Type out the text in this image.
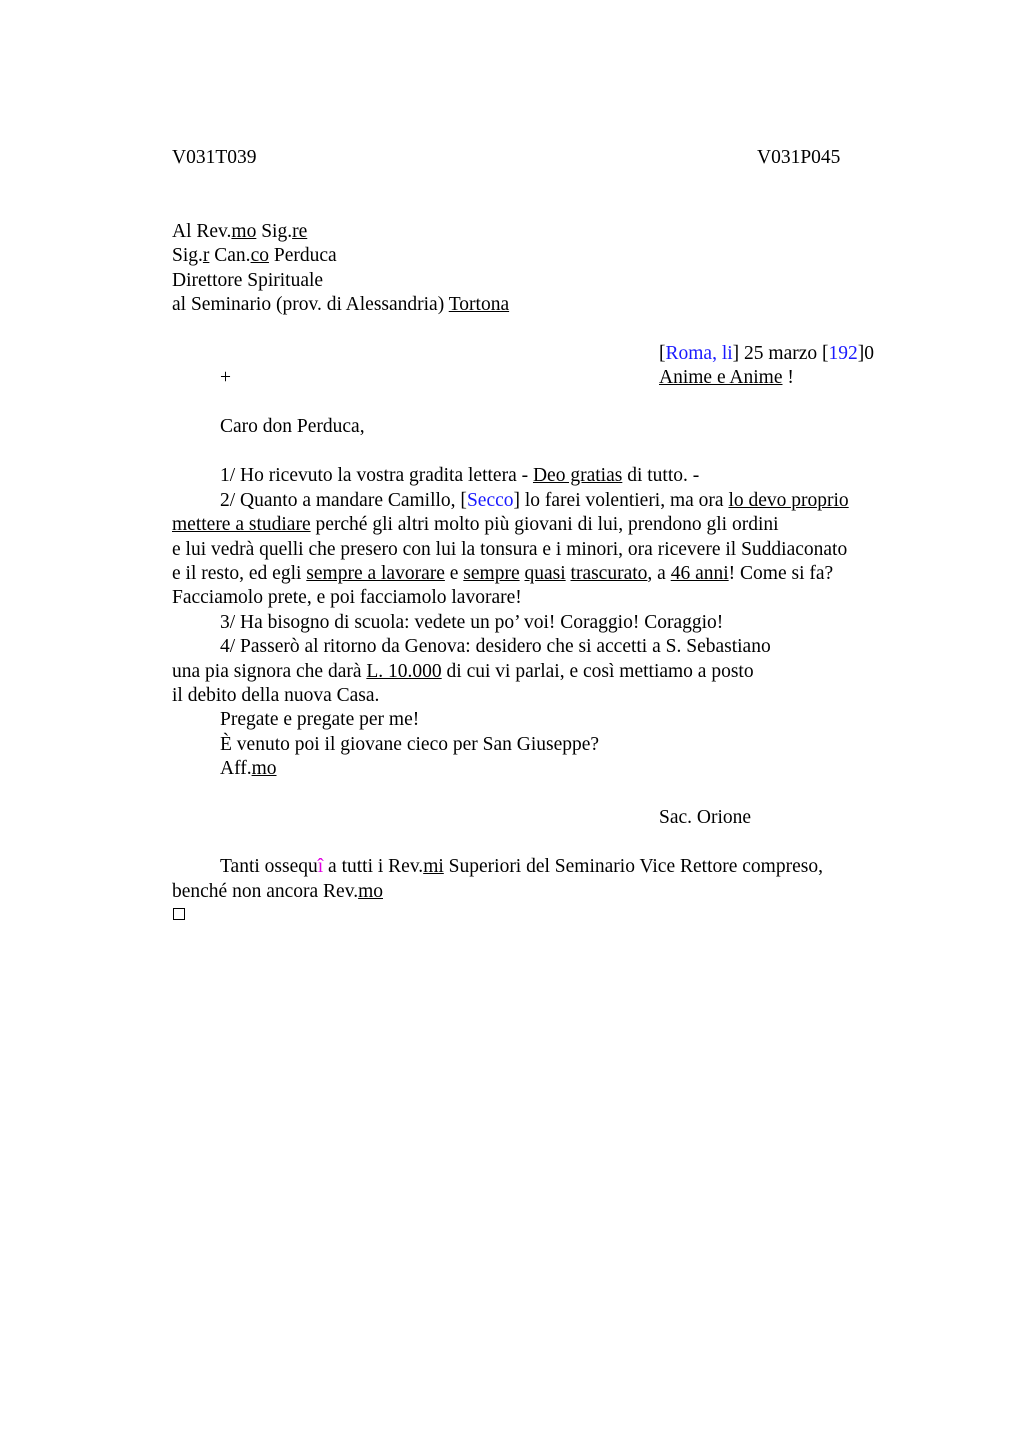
V031T039	V031P045
Al Rev.mo Sig.re
Sig.r Can.co Perduca
Direttore Spirituale
al Seminario (prov. di Alessandria) Tortona
[Roma, li] 25 marzo [192]0
+	Anime e Anime !
Caro don Perduca,
1/ Ho ricevuto la vostra gradita lettera - Deo gratias di tutto. -
2/ Quanto a mandare Camillo, [Secco] lo farei volentieri, ma ora lo devo proprio
mettere a studiare perché gli altri molto più giovani di lui, prendono gli ordini
e lui vedrà quelli che presero con lui la tonsura e i minori, ora ricevere il Suddiaconato
e il resto, ed egli sempre a lavorare e sempre quasi trascurato, a 46 anni! Come si fa?
Facciamolo prete, e poi facciamolo lavorare!
3/ Ha bisogno di scuola: vedete un po’ voi! Coraggio! Coraggio!
4/ Passerò al ritorno da Genova: desidero che si accetti a S. Sebastiano
una pia signora che darà L. 10.000 di cui vi parlai, e così mettiamo a posto
il debito della nuova Casa.
Pregate e pregate per me!
È venuto poi il giovane cieco per San Giuseppe?
Aff.mo
Sac. Orione
Tanti ossequî a tutti i Rev.mi Superiori del Seminario Vice Rettore compreso,
benché non ancora Rev.mo
